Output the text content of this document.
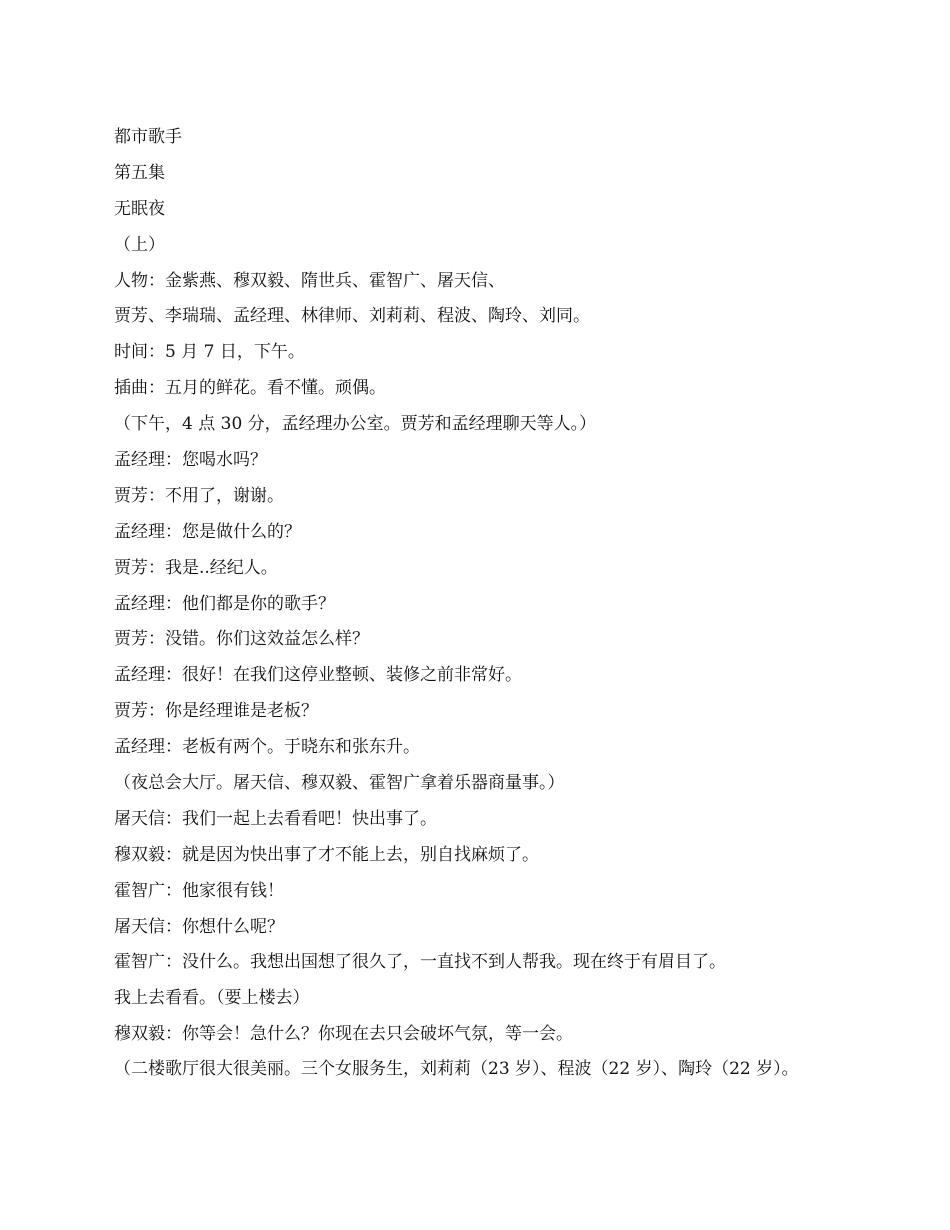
都市歌手

第五集

无眠夜

（上）

人物：金紫燕、穆双毅、隋世兵、霍智广、屠天信、

贾芳、李瑞瑞、孟经理、林律师、刘莉莉、程波、陶玲、刘同。

时间：5 月 7 日，下午。

插曲：五月的鲜花。看不懂。顽偶。

（下午，4 点 30 分，孟经理办公室。贾芳和孟经理聊天等人。）

孟经理：您喝水吗？

贾芳：不用了，谢谢。

孟经理：您是做什么的？

贾芳：我是..经纪人。

孟经理：他们都是你的歌手？

贾芳：没错。你们这效益怎么样？

孟经理：很好！在我们这停业整顿、装修之前非常好。

贾芳：你是经理谁是老板？

孟经理：老板有两个。于晓东和张东升。

（夜总会大厅。屠天信、穆双毅、霍智广拿着乐器商量事。）

屠天信：我们一起上去看看吧！快出事了。

穆双毅：就是因为快出事了才不能上去，别自找麻烦了。

霍智广：他家很有钱！

屠天信：你想什么呢？

霍智广：没什么。我想出国想了很久了，一直找不到人帮我。现在终于有眉目了。

我上去看看。（要上楼去）

穆双毅：你等会！急什么？你现在去只会破坏气氛，等一会。

（二楼歌厅很大很美丽。三个女服务生，刘莉莉（23 岁）、程波（22 岁）、陶玲（22 岁）。
